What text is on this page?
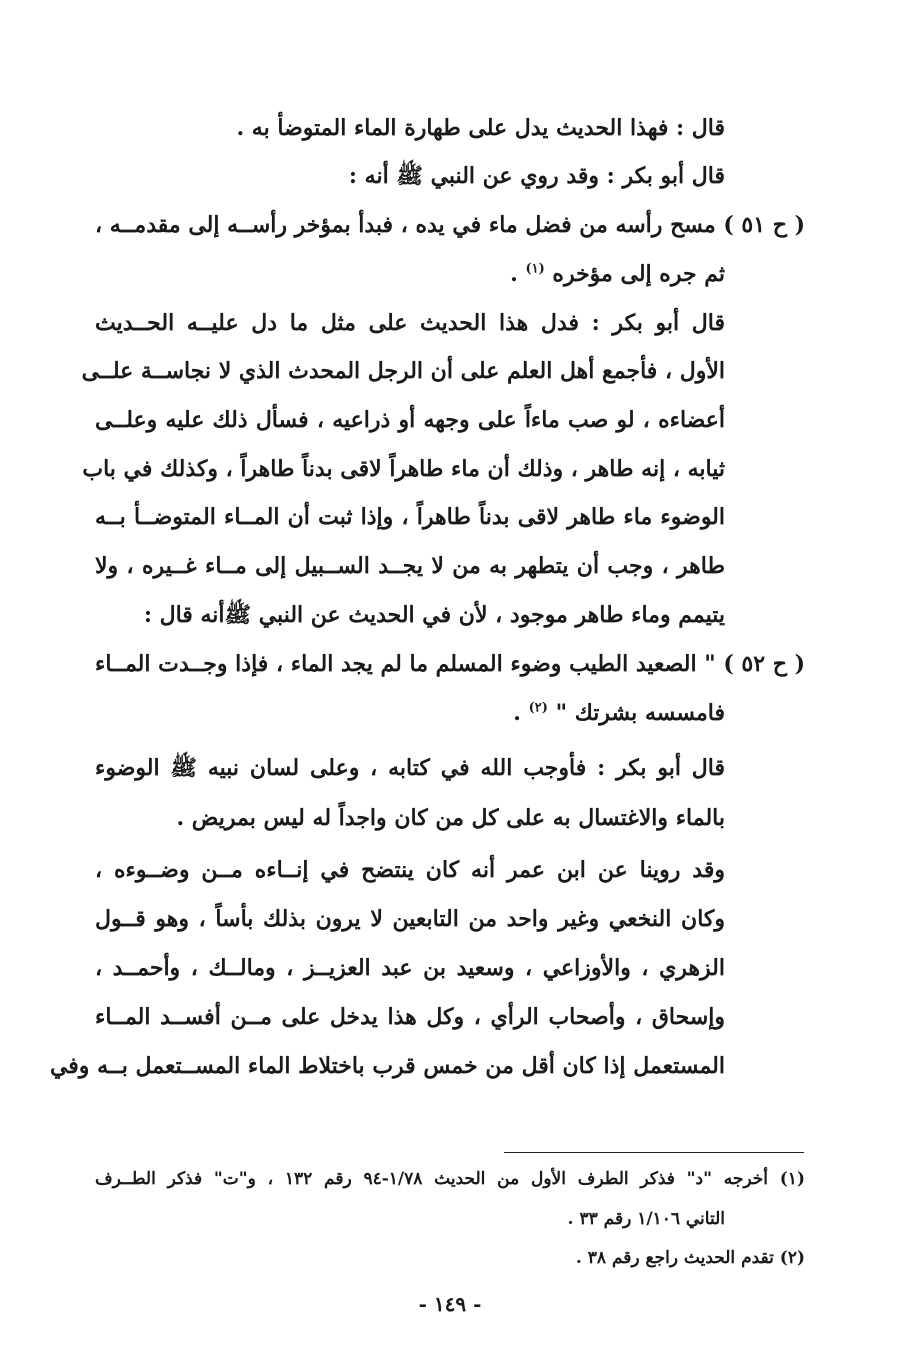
قال : فهذا الحديث يدل على طهارة الماء المتوضأ به .
قال أبو بكر : وقد روي عن النبي ﷺ أنه :
( ح ٥١ ) مسح رأسه من فضل ماء في يده ، فبدأ بمؤخر رأســه إلى مقدمــه ،
ثم جره إلى مؤخره $^{(١)}$ .
قال أبو بكر : فدل هذا الحديث على مثل ما دل عليــه الحــديث
الأول ، فأجمع أهل العلم على أن الرجل المحدث الذي لا نجاســة علــى
أعضاءه ، لو صب ماءاً على وجهه أو ذراعيه ، فسأل ذلك عليه وعلــى
ثيابه ، إنه طاهر ، وذلك أن ماء طاهراً لاقى بدناً طاهراً ، وكذلك في باب
الوضوء ماء طاهر لاقى بدناً طاهراً ، وإذا ثبت أن المــاء المتوضــأ بــه
طاهر ، وجب أن يتطهر به من لا يجــد الســبيل إلى مــاء غــيره ، ولا
يتيمم وماء طاهر موجود ، لأن في الحديث عن النبي ﷺأنه قال :
( ح ٥٢ ) " الصعيد الطيب وضوء المسلم ما لم يجد الماء ، فإذا وجــدت المــاء
فامسسه بشرتك " $^{(٢)}$ .
قال أبو بكر : فأوجب الله في كتابه ، وعلى لسان نبيه ﷺ الوضوء
بالماء والاغتسال به على كل من كان واجداً له ليس بمريض .
وقد روينا عن ابن عمر أنه كان ينتضح في إنــاءه مــن وضــوءه ،
وكان النخعي وغير واحد من التابعين لا يرون بذلك بأساً ، وهو قــول
الزهري ، والأوزاعي ، وسعيد بن عبد العزيــز ، ومالــك ، وأحمــد ،
وإسحاق ، وأصحاب الرأي ، وكل هذا يدخل على مــن أفســد المــاء
المستعمل إذا كان أقل من خمس قرب باختلاط الماء المســتعمل بــه وفي
(١) أخرجه "د" فذكر الطرف الأول من الحديث ١/٧٨-٩٤ رقم ١٣٢ ، و"ت" فذكر الطــرف
التاني ١/١٠٦ رقم ٣٣ .
(٢) تقدم الحديث راجع رقم ٣٨ .
- ١٤٩ -
